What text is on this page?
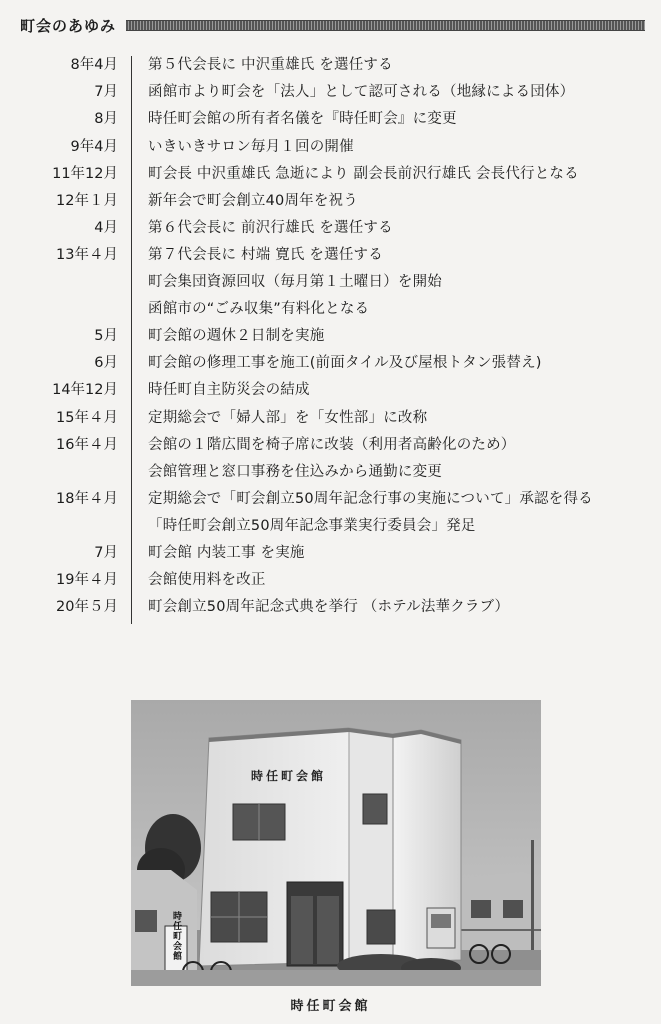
町会のあゆみ
8年4月 第５代会長に 中沢重雄氏 を選任する
7月 函館市より町会を「法人」として認可される（地縁による団体）
8月 時任町会館の所有者名儀を『時任町会』に変更
9年4月 いきいきサロン毎月１回の開催
11年12月 町会長 中沢重雄氏 急逝により 副会長前沢行雄氏 会長代行となる
12年１月 新年会で町会創立40周年を祝う
4月 第６代会長に 前沢行雄氏 を選任する
13年４月 第７代会長に 村端 寛氏 を選任する
町会集団資源回収（毎月第１土曜日）を開始
函館市の“ごみ収集”有料化となる
5月 町会館の週休２日制を実施
6月 町会館の修理工事を施工(前面タイル及び屋根トタン張替え)
14年12月 時任町自主防災会の結成
15年４月 定期総会で「婦人部」を「女性部」に改称
16年４月 会館の１階広間を椅子席に改装（利用者高齢化のため）
会館管理と窓口事務を住込みから通勤に変更
18年４月 定期総会で「町会創立50周年記念行事の実施について」承認を得る
「時任町会創立50周年記念事業実行委員会」発足
7月 町会館 内装工事 を実施
19年４月 会館使用料を改正
20年５月 町会創立50周年記念式典を挙行 （ホテル法華クラブ）
時任町会館
時任町会館
時任町会館
